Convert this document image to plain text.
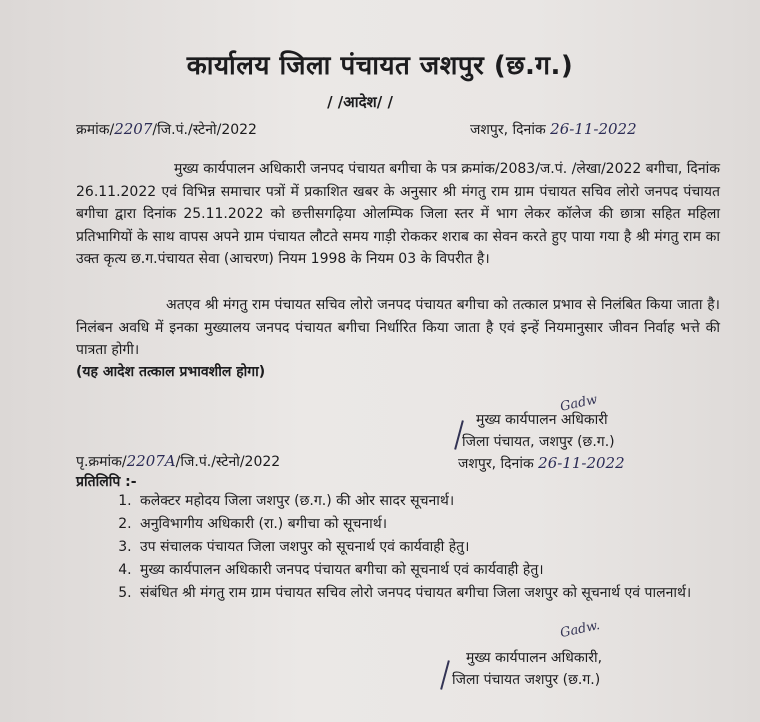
कार्यालय जिला पंचायत जशपुर (छ.ग.)
/ /आदेश/ /
क्रमांक/2207/जि.पं./स्टेनो/2022	जशपुर, दिनांक 26-11-2022
मुख्य कार्यपालन अधिकारी जनपद पंचायत बगीचा के पत्र क्रमांक/2083/ज.पं. /लेखा/2022 बगीचा, दिनांक 26.11.2022 एवं विभिन्न समाचार पत्रों में प्रकाशित खबर के अनुसार श्री मंगतु राम ग्राम पंचायत सचिव लोरो जनपद पंचायत बगीचा द्वारा दिनांक 25.11.2022 को छत्तीसगढ़िया ओलम्पिक जिला स्तर में भाग लेकर कॉलेज की छात्रा सहित महिला प्रतिभागियों के साथ वापस अपने ग्राम पंचायत लौटते समय गाड़ी रोककर शराब का सेवन करते हुए पाया गया है श्री मंगतु राम का उक्त कृत्य छ.ग.पंचायत सेवा (आचरण) नियम 1998 के नियम 03 के विपरीत है।
अतएव श्री मंगतु राम पंचायत सचिव लोरो जनपद पंचायत बगीचा को तत्काल प्रभाव से निलंबित किया जाता है। निलंबन अवधि में इनका मुख्यालय जनपद पंचायत बगीचा निर्धारित किया जाता है एवं इन्हें नियमानुसार जीवन निर्वाह भत्ते की पात्रता होगी।
(यह आदेश तत्काल प्रभावशील होगा)
Gadw
मुख्य कार्यपालन अधिकारी
जिला पंचायत, जशपुर (छ.ग.)
पृ.क्रमांक/2207A/जि.पं./स्टेनो/2022	जशपुर, दिनांक 26-11-2022
प्रतिलिपि :-
1. कलेक्टर महोदय जिला जशपुर (छ.ग.) की ओर सादर सूचनार्थ।
2. अनुविभागीय अधिकारी (रा.) बगीचा को सूचनार्थ।
3. उप संचालक पंचायत जिला जशपुर को सूचनार्थ एवं कार्यवाही हेतु।
4. मुख्य कार्यपालन अधिकारी जनपद पंचायत बगीचा को सूचनार्थ एवं कार्यवाही हेतु।
5. संबंधित श्री मंगतु राम ग्राम पंचायत सचिव लोरो जनपद पंचायत बगीचा जिला जशपुर को सूचनार्थ एवं पालनार्थ।
Gadw.
मुख्य कार्यपालन अधिकारी,
जिला पंचायत जशपुर (छ.ग.)
